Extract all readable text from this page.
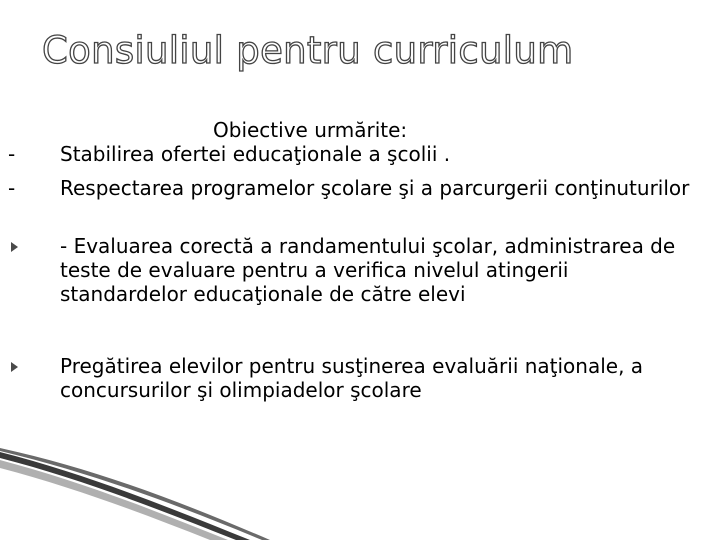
Consiuliul pentru curriculum
Obiective urmărite:
- Stabilirea ofertei educaţionale a şcolii .
- Respectarea programelor şcolare şi a parcurgerii conţinuturilor
- Evaluarea corectă a randamentului şcolar, administrarea de teste de evaluare pentru a verifica nivelul atingerii standardelor educaţionale de către elevi
Pregătirea elevilor pentru susţinerea evaluării naţionale, a concursurilor şi olimpiadelor şcolare
